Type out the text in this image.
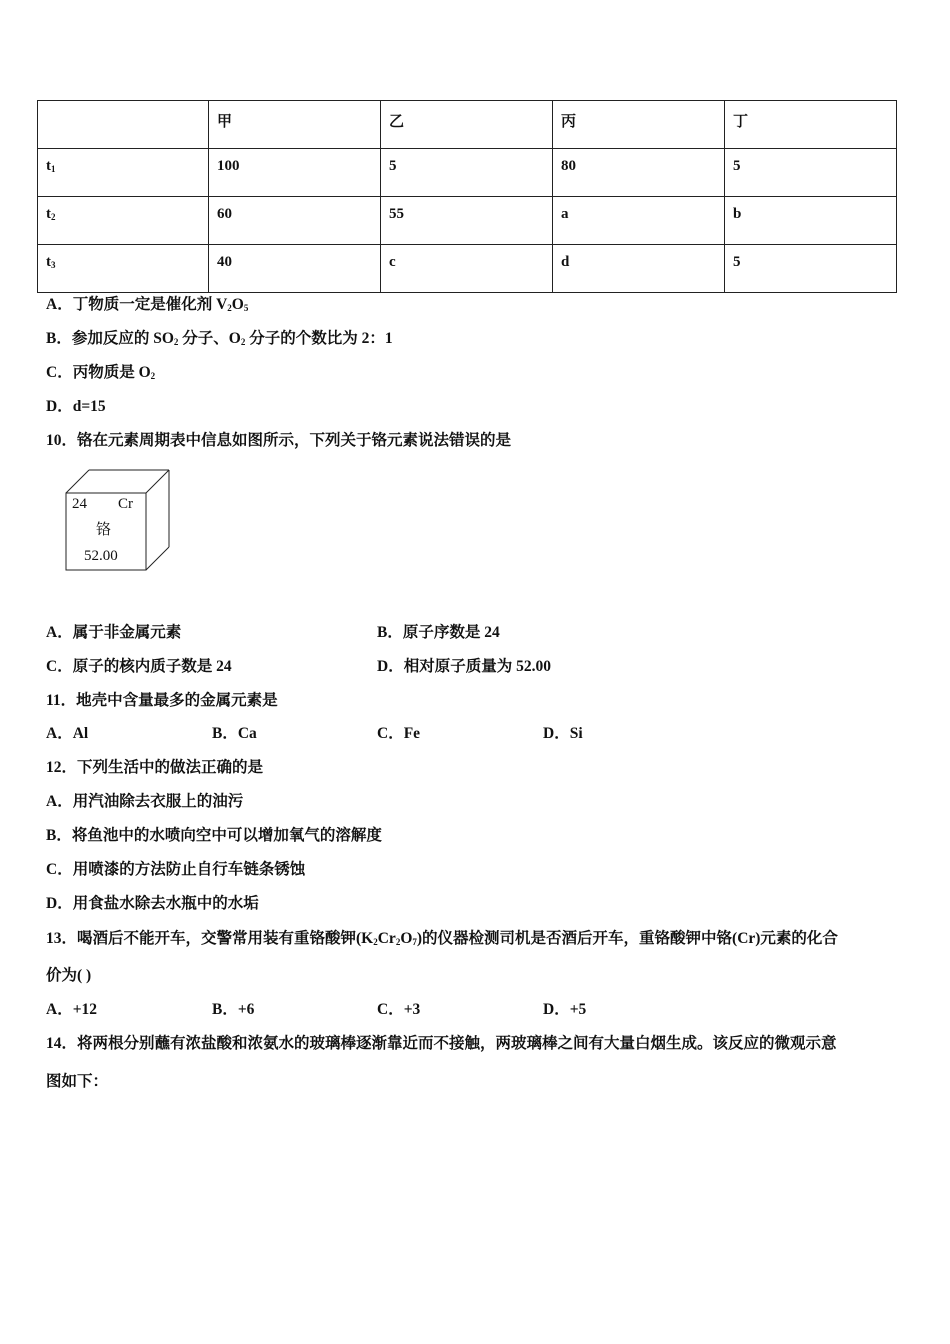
	甲	乙	丙	丁
$t_1$	100	5	80	5
$t_2$	60	55	a	b
$t_3$	40	c	d	5
A．丁物质一定是催化剂 $V_2O_5$
B．参加反应的 $SO_2$ 分子、$O_2$ 分子的个数比为 2：1
C．丙物质是 $O_2$
D．d=15
10．铬在元素周期表中信息如图所示，下列关于铬元素说法错误的是
24 Cr
铬
52.00
A．属于非金属元素	B．原子序数是 24
C．原子的核内质子数是 24	D．相对原子质量为 52.00
11．地壳中含量最多的金属元素是
A．Al	B．Ca	C．Fe	D．Si
12．下列生活中的做法正确的是
A．用汽油除去衣服上的油污
B．将鱼池中的水喷向空中可以增加氧气的溶解度
C．用喷漆的方法防止自行车链条锈蚀
D．用食盐水除去水瓶中的水垢
13．喝酒后不能开车，交警常用装有重铬酸钾$(K_2Cr_2O_7)$的仪器检测司机是否酒后开车，重铬酸钾中铬(Cr)元素的化合
价为( )
A．+12	B．+6	C．+3	D．+5
14．将两根分别蘸有浓盐酸和浓氨水的玻璃棒逐渐靠近而不接触，两玻璃棒之间有大量白烟生成。该反应的微观示意
图如下：
